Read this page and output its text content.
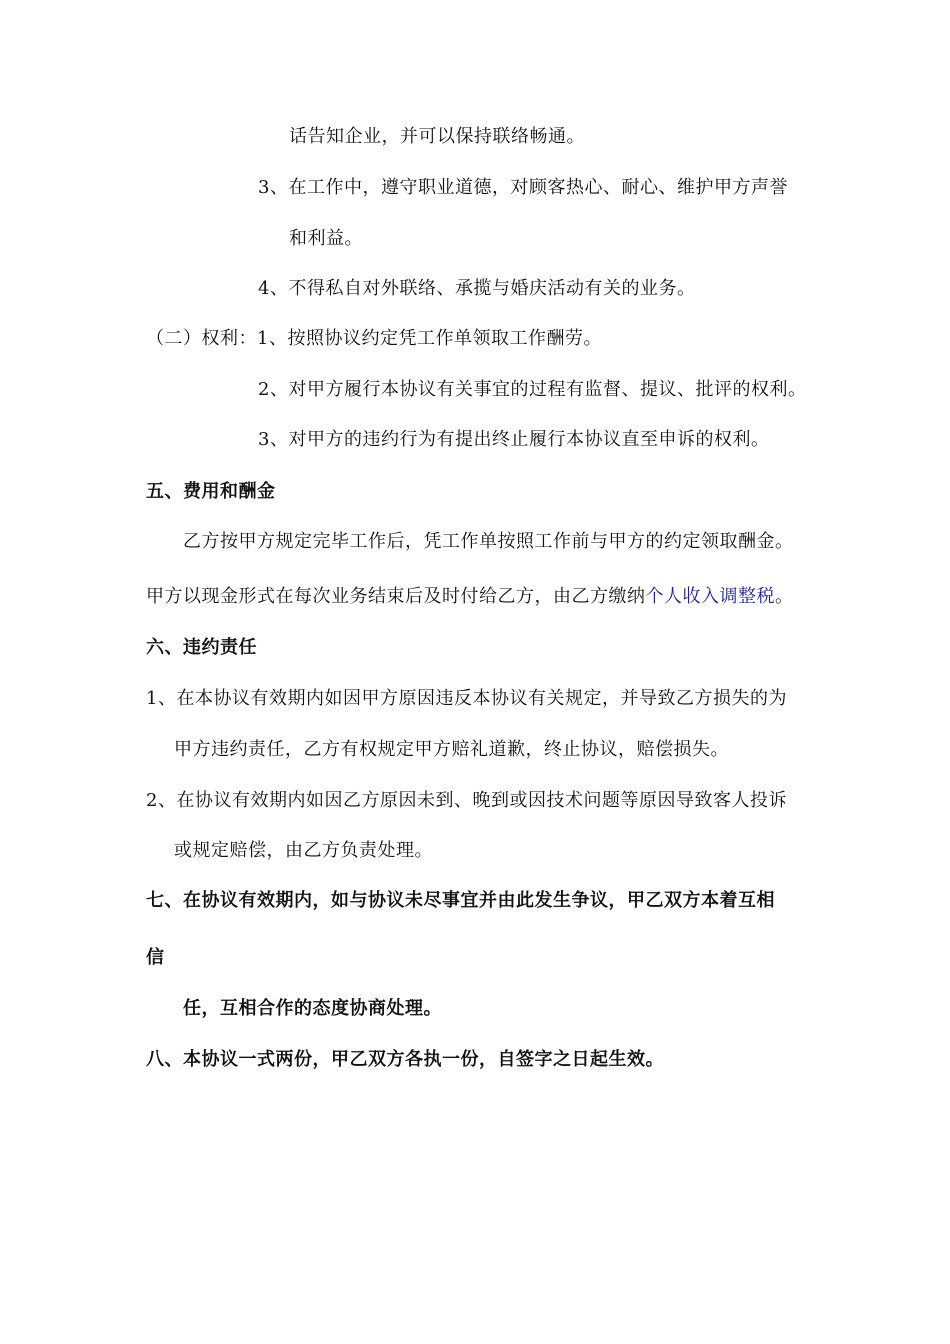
话告知企业，并可以保持联络畅通。
3、在工作中，遵守职业道德，对顾客热心、耐心、维护甲方声誉
和利益。
4、不得私自对外联络、承揽与婚庆活动有关的业务。
（二）权利：1、按照协议约定凭工作单领取工作酬劳。
2、对甲方履行本协议有关事宜的过程有监督、提议、批评的权利。
3、对甲方的违约行为有提出终止履行本协议直至申诉的权利。
五、费用和酬金
乙方按甲方规定完毕工作后，凭工作单按照工作前与甲方的约定领取酬金。
甲方以现金形式在每次业务结束后及时付给乙方，由乙方缴纳个人收入调整税。
六、违约责任
1、在本协议有效期内如因甲方原因违反本协议有关规定，并导致乙方损失的为
甲方违约责任，乙方有权规定甲方赔礼道歉，终止协议，赔偿损失。
2、在协议有效期内如因乙方原因未到、晚到或因技术问题等原因导致客人投诉
或规定赔偿，由乙方负责处理。
七、在协议有效期内，如与协议未尽事宜并由此发生争议，甲乙双方本着互相
信
任，互相合作的态度协商处理。
八、本协议一式两份，甲乙双方各执一份，自签字之日起生效。
